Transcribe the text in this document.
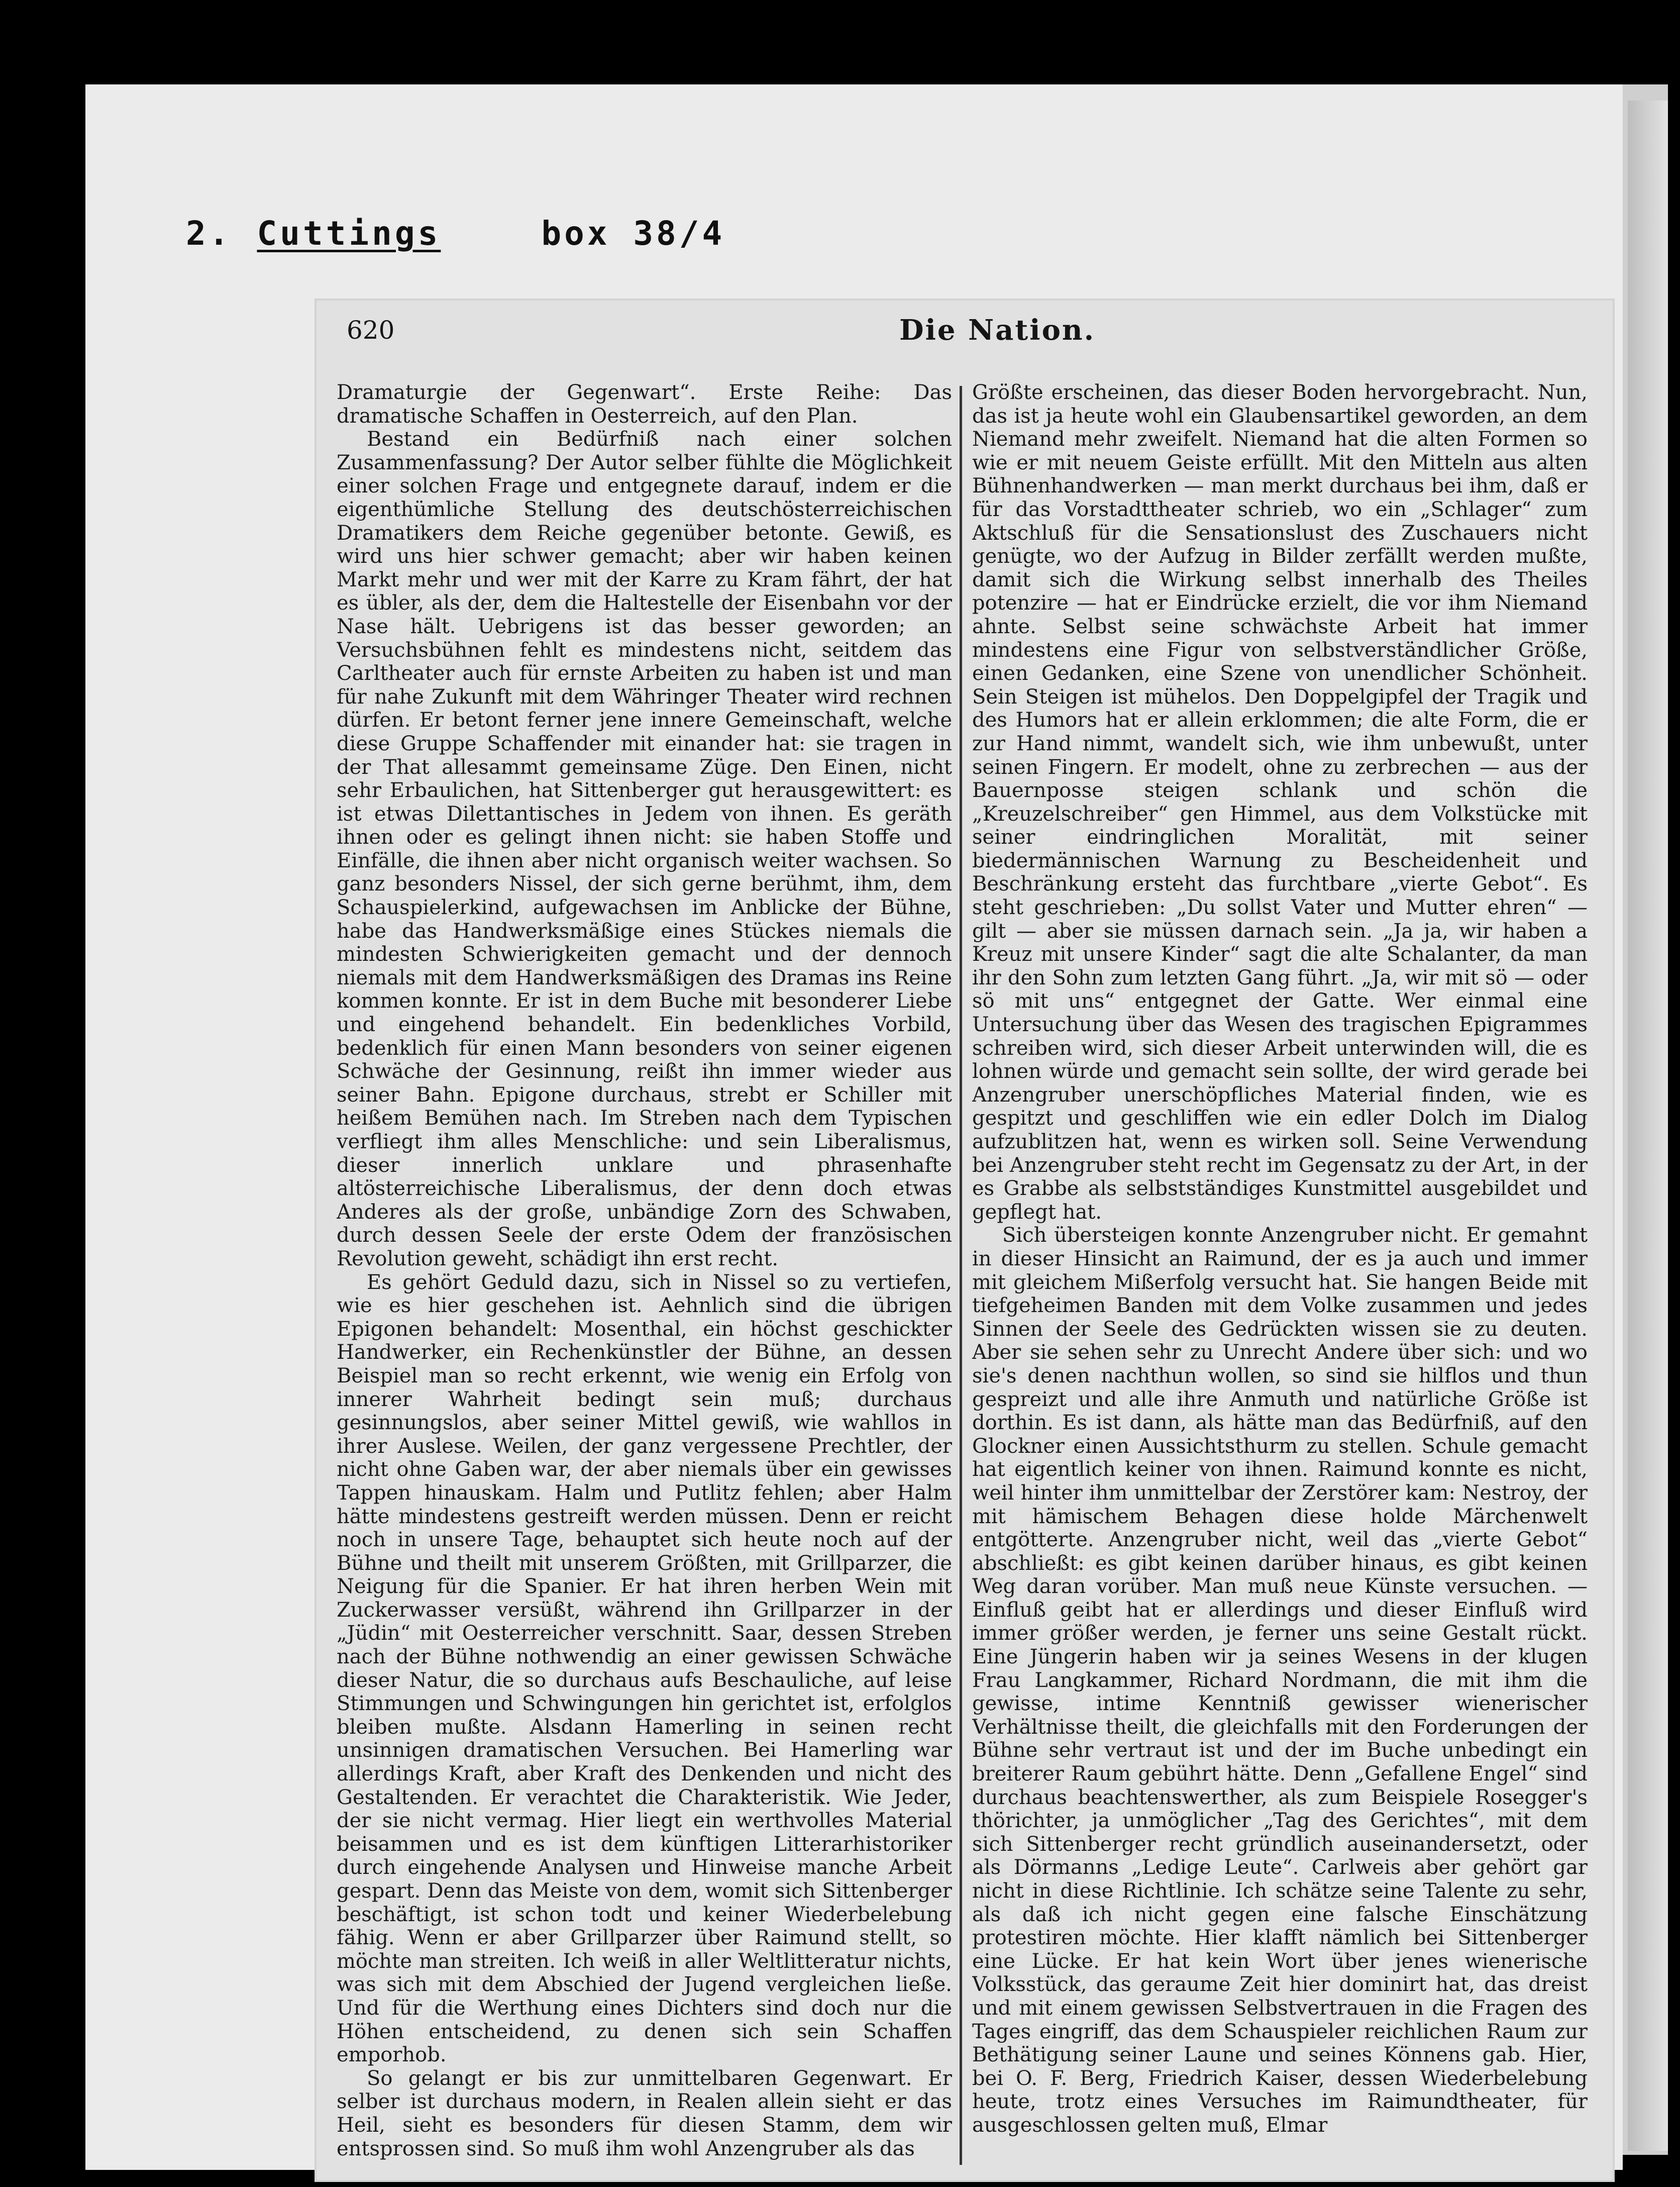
2. Cuttings	box 38/4
620	Die Nation.

Dramaturgie der Gegenwart“. Erste Reihe: Das dramatische Schaffen in Oesterreich, auf den Plan.

Bestand ein Bedürfniß nach einer solchen Zusammenfassung? Der Autor selber fühlte die Möglichkeit einer solchen Frage und entgegnete darauf, indem er die eigenthümliche Stellung des deutschösterreichischen Dramatikers dem Reiche gegenüber betonte. Gewiß, es wird uns hier schwer gemacht; aber wir haben keinen Markt mehr und wer mit der Karre zu Kram fährt, der hat es übler, als der, dem die Haltestelle der Eisenbahn vor der Nase hält. Uebrigens ist das besser geworden; an Versuchsbühnen fehlt es mindestens nicht, seitdem das Carltheater auch für ernste Arbeiten zu haben ist und man für nahe Zukunft mit dem Währinger Theater wird rechnen dürfen. Er betont ferner jene innere Gemeinschaft, welche diese Gruppe Schaffender mit einander hat: sie tragen in der That allesammt gemeinsame Züge. Den Einen, nicht sehr Erbaulichen, hat Sittenberger gut herausgewittert: es ist etwas Dilettantisches in Jedem von ihnen. Es geräth ihnen oder es gelingt ihnen nicht: sie haben Stoffe und Einfälle, die ihnen aber nicht organisch weiter wachsen. So ganz besonders Nissel, der sich gerne berühmt, ihm, dem Schauspielerkind, aufgewachsen im Anblicke der Bühne, habe das Handwerksmäßige eines Stückes niemals die mindesten Schwierigkeiten gemacht und der dennoch niemals mit dem Handwerksmäßigen des Dramas ins Reine kommen konnte. Er ist in dem Buche mit besonderer Liebe und eingehend behandelt. Ein bedenkliches Vorbild, bedenklich für einen Mann besonders von seiner eigenen Schwäche der Gesinnung, reißt ihn immer wieder aus seiner Bahn. Epigone durchaus, strebt er Schiller mit heißem Bemühen nach. Im Streben nach dem Typischen verfliegt ihm alles Menschliche: und sein Liberalismus, dieser innerlich unklare und phrasenhafte altösterreichische Liberalismus, der denn doch etwas Anderes als der große, unbändige Zorn des Schwaben, durch dessen Seele der erste Odem der französischen Revolution geweht, schädigt ihn erst recht.

Es gehört Geduld dazu, sich in Nissel so zu vertiefen, wie es hier geschehen ist. Aehnlich sind die übrigen Epigonen behandelt: Mosenthal, ein höchst geschickter Handwerker, ein Rechenkünstler der Bühne, an dessen Beispiel man so recht erkennt, wie wenig ein Erfolg von innerer Wahrheit bedingt sein muß; durchaus gesinnungslos, aber seiner Mittel gewiß, wie wahllos in ihrer Auslese. Weilen, der ganz vergessene Prechtler, der nicht ohne Gaben war, der aber niemals über ein gewisses Tappen hinauskam. Halm und Putlitz fehlen; aber Halm hätte mindestens gestreift werden müssen. Denn er reicht noch in unsere Tage, behauptet sich heute noch auf der Bühne und theilt mit unserem Größten, mit Grillparzer, die Neigung für die Spanier. Er hat ihren herben Wein mit Zuckerwasser versüßt, während ihn Grillparzer in der „Jüdin“ mit Oesterreicher verschnitt. Saar, dessen Streben nach der Bühne nothwendig an einer gewissen Schwäche dieser Natur, die so durchaus aufs Beschauliche, auf leise Stimmungen und Schwingungen hin gerichtet ist, erfolglos bleiben mußte. Alsdann Hamerling in seinen recht unsinnigen dramatischen Versuchen. Bei Hamerling war allerdings Kraft, aber Kraft des Denkenden und nicht des Gestaltenden. Er verachtet die Charakteristik. Wie Jeder, der sie nicht vermag. Hier liegt ein werthvolles Material beisammen und es ist dem künftigen Litterarhistoriker durch eingehende Analysen und Hinweise manche Arbeit gespart. Denn das Meiste von dem, womit sich Sittenberger beschäftigt, ist schon todt und keiner Wiederbelebung fähig. Wenn er aber Grillparzer über Raimund stellt, so möchte man streiten. Ich weiß in aller Weltlitteratur nichts, was sich mit dem Abschied der Jugend vergleichen ließe. Und für die Werthung eines Dichters sind doch nur die Höhen entscheidend, zu denen sich sein Schaffen emporhob.

So gelangt er bis zur unmittelbaren Gegenwart. Er selber ist durchaus modern, in Realen allein sieht er das Heil, sieht es besonders für diesen Stamm, dem wir entsprossen sind. So muß ihm wohl Anzengruber als das

Größte erscheinen, das dieser Boden hervorgebracht. Nun, das ist ja heute wohl ein Glaubensartikel geworden, an dem Niemand mehr zweifelt. Niemand hat die alten Formen so wie er mit neuem Geiste erfüllt. Mit den Mitteln aus alten Bühnenhandwerken — man merkt durchaus bei ihm, daß er für das Vorstadttheater schrieb, wo ein „Schlager“ zum Aktschluß für die Sensationslust des Zuschauers nicht genügte, wo der Aufzug in Bilder zerfällt werden mußte, damit sich die Wirkung selbst innerhalb des Theiles potenzire — hat er Eindrücke erzielt, die vor ihm Niemand ahnte. Selbst seine schwächste Arbeit hat immer mindestens eine Figur von selbstverständlicher Größe, einen Gedanken, eine Szene von unendlicher Schönheit. Sein Steigen ist mühelos. Den Doppelgipfel der Tragik und des Humors hat er allein erklommen; die alte Form, die er zur Hand nimmt, wandelt sich, wie ihm unbewußt, unter seinen Fingern. Er modelt, ohne zu zerbrechen — aus der Bauernposse steigen schlank und schön die „Kreuzelschreiber“ gen Himmel, aus dem Volkstücke mit seiner eindringlichen Moralität, mit seiner biedermännischen Warnung zu Bescheidenheit und Beschränkung ersteht das furchtbare „vierte Gebot“. Es steht geschrieben: „Du sollst Vater und Mutter ehren“ — gilt — aber sie müssen darnach sein. „Ja ja, wir haben a Kreuz mit unsere Kinder“ sagt die alte Schalanter, da man ihr den Sohn zum letzten Gang führt. „Ja, wir mit sö — oder sö mit uns“ entgegnet der Gatte. Wer einmal eine Untersuchung über das Wesen des tragischen Epigrammes schreiben wird, sich dieser Arbeit unterwinden will, die es lohnen würde und gemacht sein sollte, der wird gerade bei Anzengruber unerschöpfliches Material finden, wie es gespitzt und geschliffen wie ein edler Dolch im Dialog aufzublitzen hat, wenn es wirken soll. Seine Verwendung bei Anzengruber steht recht im Gegensatz zu der Art, in der es Grabbe als selbstständiges Kunstmittel ausgebildet und gepflegt hat.

Sich übersteigen konnte Anzengruber nicht. Er gemahnt in dieser Hinsicht an Raimund, der es ja auch und immer mit gleichem Mißerfolg versucht hat. Sie hangen Beide mit tiefgeheimen Banden mit dem Volke zusammen und jedes Sinnen der Seele des Gedrückten wissen sie zu deuten. Aber sie sehen sehr zu Unrecht Andere über sich: und wo sie's denen nachthun wollen, so sind sie hilflos und thun gespreizt und alle ihre Anmuth und natürliche Größe ist dorthin. Es ist dann, als hätte man das Bedürfniß, auf den Glockner einen Aussichtsthurm zu stellen. Schule gemacht hat eigentlich keiner von ihnen. Raimund konnte es nicht, weil hinter ihm unmittelbar der Zerstörer kam: Nestroy, der mit hämischem Behagen diese holde Märchenwelt entgötterte. Anzengruber nicht, weil das „vierte Gebot“ abschließt: es gibt keinen darüber hinaus, es gibt keinen Weg daran vorüber. Man muß neue Künste versuchen. — Einfluß geibt hat er allerdings und dieser Einfluß wird immer größer werden, je ferner uns seine Gestalt rückt. Eine Jüngerin haben wir ja seines Wesens in der klugen Frau Langkammer, Richard Nordmann, die mit ihm die gewisse, intime Kenntniß gewisser wienerischer Verhältnisse theilt, die gleichfalls mit den Forderungen der Bühne sehr vertraut ist und der im Buche unbedingt ein breiterer Raum gebührt hätte. Denn „Gefallene Engel“ sind durchaus beachtenswerther, als zum Beispiele Rosegger's thörichter, ja unmöglicher „Tag des Gerichtes“, mit dem sich Sittenberger recht gründlich auseinandersetzt, oder als Dörmanns „Ledige Leute“. Carlweis aber gehört gar nicht in diese Richtlinie. Ich schätze seine Talente zu sehr, als daß ich nicht gegen eine falsche Einschätzung protestiren möchte. Hier klafft nämlich bei Sittenberger eine Lücke. Er hat kein Wort über jenes wienerische Volksstück, das geraume Zeit hier dominirt hat, das dreist und mit einem gewissen Selbstvertrauen in die Fragen des Tages eingriff, das dem Schauspieler reichlichen Raum zur Bethätigung seiner Laune und seines Könnens gab. Hier, bei O. F. Berg, Friedrich Kaiser, dessen Wiederbelebung heute, trotz eines Versuches im Raimundtheater, für ausgeschlossen gelten muß, Elmar
